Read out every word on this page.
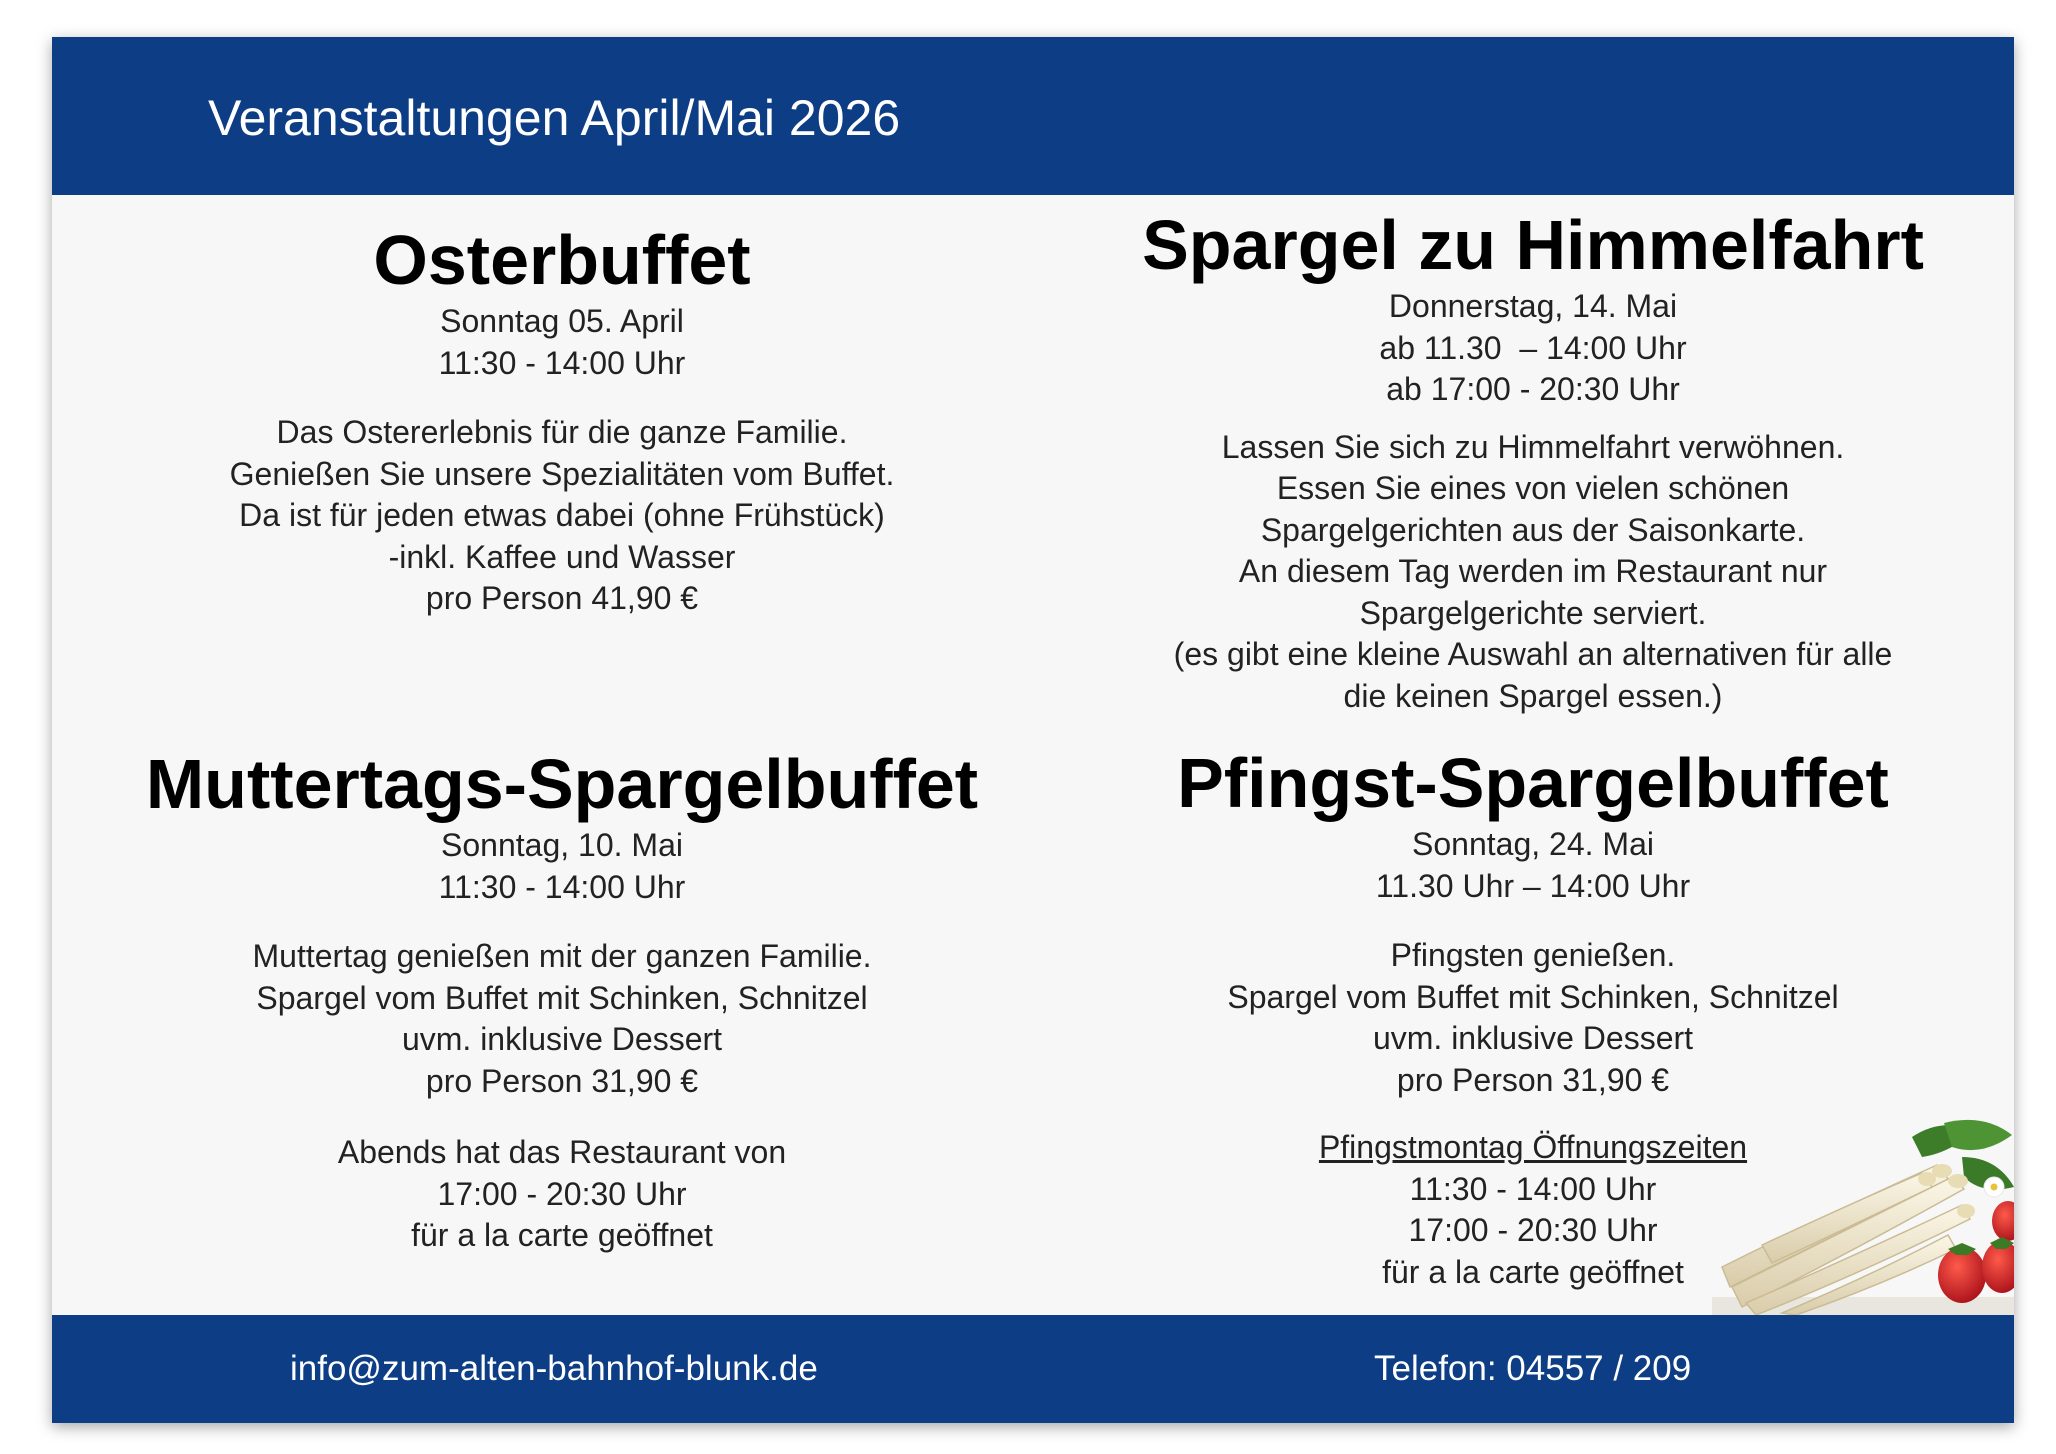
Veranstaltungen April/Mai 2026
Osterbuffet
Sonntag 05. April
11:30 - 14:00 Uhr
Das Ostererlebnis für die ganze Familie.
Genießen Sie unsere Spezialitäten vom Buffet.
Da ist für jeden etwas dabei (ohne Frühstück)
-inkl. Kaffee und Wasser
pro Person 41,90 €
Spargel zu Himmelfahrt
Donnerstag, 14. Mai
ab 11.30  – 14:00 Uhr
ab 17:00 - 20:30 Uhr
Lassen Sie sich zu Himmelfahrt verwöhnen.
Essen Sie eines von vielen schönen
Spargelgerichten aus der Saisonkarte.
An diesem Tag werden im Restaurant nur
Spargelgerichte serviert.
(es gibt eine kleine Auswahl an alternativen für alle
die keinen Spargel essen.)
Muttertags-Spargelbuffet
Sonntag, 10. Mai
11:30 - 14:00 Uhr
Muttertag genießen mit der ganzen Familie.
Spargel vom Buffet mit Schinken, Schnitzel
uvm. inklusive Dessert
pro Person 31,90 €
Abends hat das Restaurant von
17:00 - 20:30 Uhr
für a la carte geöffnet
Pfingst-Spargelbuffet
Sonntag, 24. Mai
11.30 Uhr – 14:00 Uhr
Pfingsten genießen.
Spargel vom Buffet mit Schinken, Schnitzel
uvm. inklusive Dessert
pro Person 31,90 €
Pfingstmontag Öffnungszeiten
11:30 - 14:00 Uhr
17:00 - 20:30 Uhr
für a la carte geöffnet
info@zum-alten-bahnhof-blunk.de	Telefon: 04557 / 209
